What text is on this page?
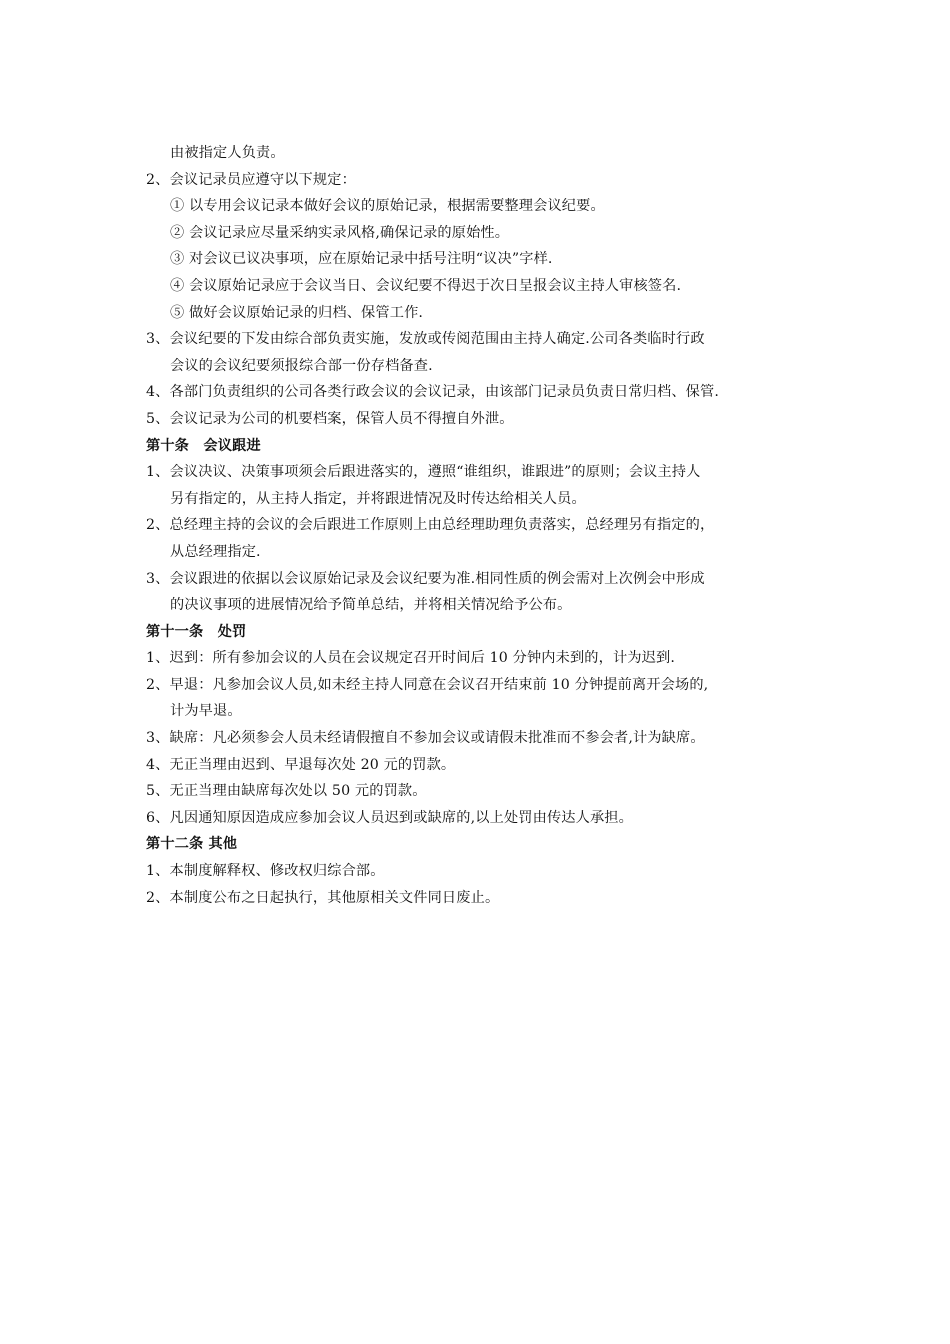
由被指定人负责。
2、会议记录员应遵守以下规定：
① 以专用会议记录本做好会议的原始记录，根据需要整理会议纪要。
② 会议记录应尽量采纳实录风格,确保记录的原始性。
③ 对会议已议决事项，应在原始记录中括号注明“议决”字样.
④ 会议原始记录应于会议当日、会议纪要不得迟于次日呈报会议主持人审核签名.
⑤ 做好会议原始记录的归档、保管工作.
3、会议纪要的下发由综合部负责实施，发放或传阅范围由主持人确定.公司各类临时行政
会议的会议纪要须报综合部一份存档备查.
4、各部门负责组织的公司各类行政会议的会议记录，由该部门记录员负责日常归档、保管.
5、会议记录为公司的机要档案，保管人员不得擅自外泄。
第十条　会议跟进
1、会议决议、决策事项须会后跟进落实的，遵照“谁组织，谁跟进”的原则；会议主持人
另有指定的，从主持人指定，并将跟进情况及时传达给相关人员。
2、总经理主持的会议的会后跟进工作原则上由总经理助理负责落实，总经理另有指定的，
从总经理指定.
3、会议跟进的依据以会议原始记录及会议纪要为准.相同性质的例会需对上次例会中形成
的决议事项的进展情况给予简单总结，并将相关情况给予公布。
第十一条　处罚
1、迟到：所有参加会议的人员在会议规定召开时间后 10 分钟内未到的，计为迟到.
2、早退：凡参加会议人员,如未经主持人同意在会议召开结束前 10 分钟提前离开会场的,
计为早退。
3、缺席：凡必须参会人员未经请假擅自不参加会议或请假未批准而不参会者,计为缺席。
4、无正当理由迟到、早退每次处 20 元的罚款。
5、无正当理由缺席每次处以 50 元的罚款。
6、凡因通知原因造成应参加会议人员迟到或缺席的,以上处罚由传达人承担。
第十二条 其他
1、本制度解释权、修改权归综合部。
2、本制度公布之日起执行，其他原相关文件同日废止。
